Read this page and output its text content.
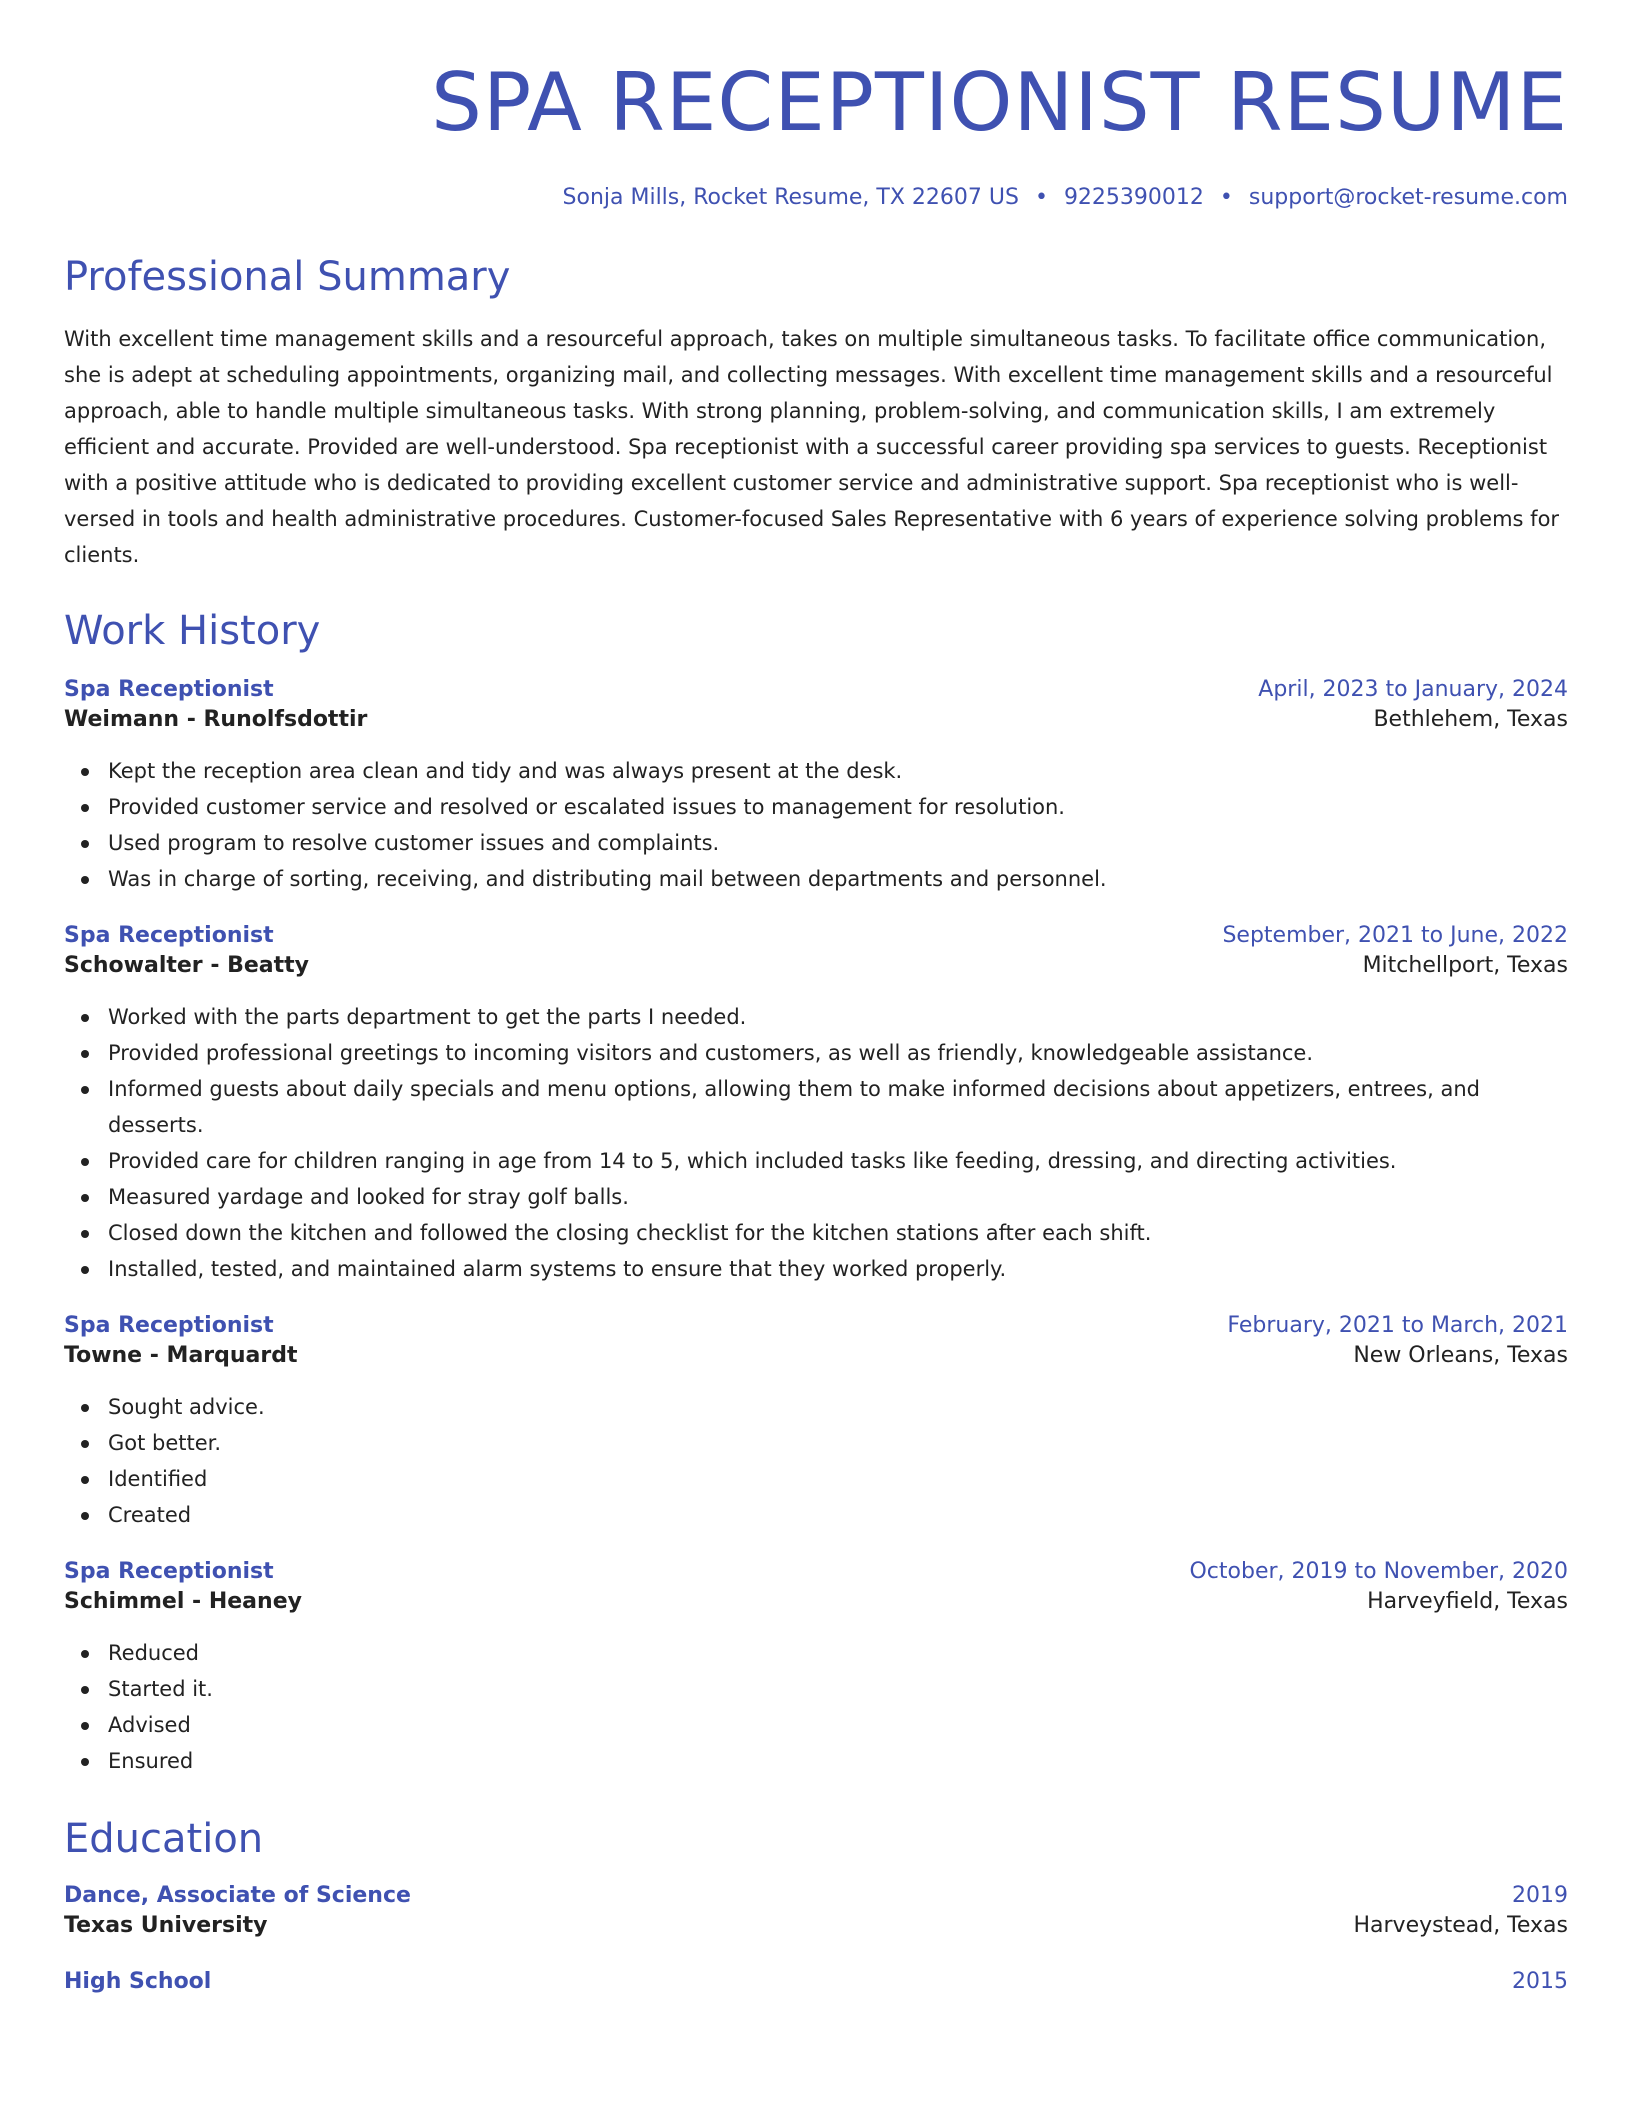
SPA RECEPTIONIST RESUME
Sonja Mills, Rocket Resume, TX 22607 US • 9225390012 • support@rocket-resume.com
Professional Summary

With excellent time management skills and a resourceful approach, takes on multiple simultaneous tasks. To facilitate office communication, she is adept at scheduling appointments, organizing mail, and collecting messages. With excellent time management skills and a resourceful approach, able to handle multiple simultaneous tasks. With strong planning, problem-solving, and communication skills, I am extremely efficient and accurate. Provided are well-understood. Spa receptionist with a successful career providing spa services to guests. Receptionist with a positive attitude who is dedicated to providing excellent customer service and administrative support. Spa receptionist who is well-versed in tools and health administrative procedures. Customer-focused Sales Representative with 6 years of experience solving problems for clients.

Work History
Spa Receptionist	April, 2023 to January, 2024
Weimann - Runolfsdottir	Bethlehem, Texas
Kept the reception area clean and tidy and was always present at the desk.
Provided customer service and resolved or escalated issues to management for resolution.
Used program to resolve customer issues and complaints.
Was in charge of sorting, receiving, and distributing mail between departments and personnel.
Spa Receptionist	September, 2021 to June, 2022
Schowalter - Beatty	Mitchellport, Texas
Worked with the parts department to get the parts I needed.
Provided professional greetings to incoming visitors and customers, as well as friendly, knowledgeable assistance.
Informed guests about daily specials and menu options, allowing them to make informed decisions about appetizers, entrees, and desserts.
Provided care for children ranging in age from 14 to 5, which included tasks like feeding, dressing, and directing activities.
Measured yardage and looked for stray golf balls.
Closed down the kitchen and followed the closing checklist for the kitchen stations after each shift.
Installed, tested, and maintained alarm systems to ensure that they worked properly.
Spa Receptionist	February, 2021 to March, 2021
Towne - Marquardt	New Orleans, Texas
Sought advice.
Got better.
Identified
Created
Spa Receptionist	October, 2019 to November, 2020
Schimmel - Heaney	Harveyfield, Texas
Reduced
Started it.
Advised
Ensured
Education
Dance, Associate of Science	2019
Texas University	Harveystead, Texas
High School	2015
